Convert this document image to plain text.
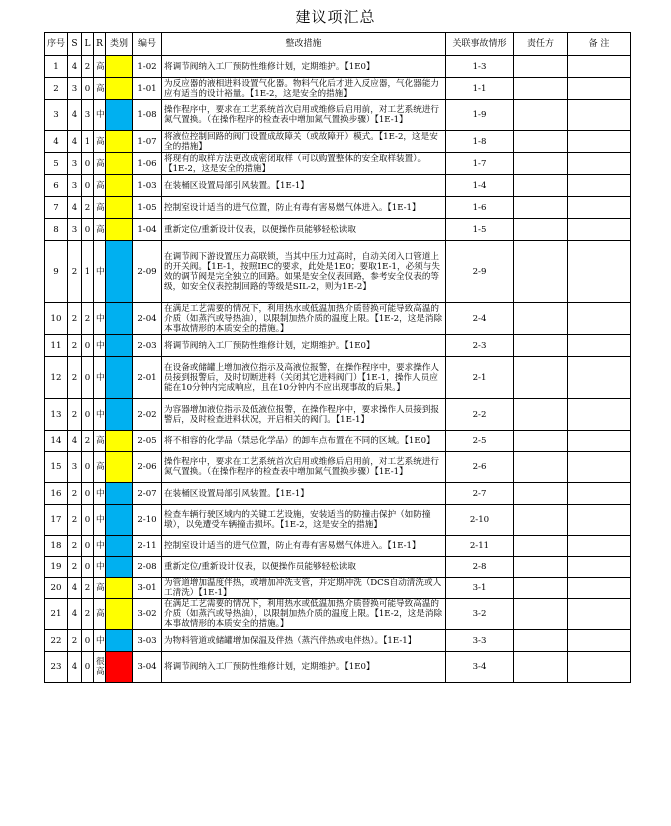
建议项汇总
序号	S	L	R	类别	编号	整改措施	关联事故情形	责任方	备 注
1	4	2	高		1-02	将调节阀纳入工厂预防性维修计划，定期维护。【1E0】	1-3		
2	3	0	高		1-01	为反应器的液相进料设置气化器。物料气化后才进入反应器，气化器能力应有适当的设计裕量。【1E-2，这是安全的措施】	1-1		
3	4	3	中		1-08	操作程序中，要求在工艺系统首次启用或维修后启用前，对工艺系统进行氮气置换。（在操作程序的检查表中增加氮气置换步骤）【1E-1】	1-9		
4	4	1	高		1-07	将液位控制回路的阀门设置成故障关（或故障开）模式。【1E-2，这是安全的措施】	1-8		
5	3	0	高		1-06	将现有的取样方法更改成密闭取样（可以购置整体的安全取样装置）。【1E-2，这是安全的措施】	1-7		
6	3	0	高		1-03	在装桶区设置局部引风装置。【1E-1】	1-4		
7	4	2	高		1-05	控制室设计适当的进气位置，防止有毒有害易燃气体进入。【1E-1】	1-6		
8	3	0	高		1-04	重新定位/重新设计仪表，以便操作员能够轻松读取	1-5		
9	2	1	中		2-09	在调节阀下游设置压力高联锁，当其中压力过高时，自动关闭入口管道上的开关阀。【1E-1，按照IEC的要求，此处是1E0；要取1E-1，必须与失效的调节阀是完全独立的回路。如果是安全仪表回路，参考安全仪表的等级，如安全仪表控制回路的等级是SIL-2，则为1E-2】	2-9		
10	2	2	中		2-04	在满足工艺需要的情况下，利用热水或低温加热介质替换可能导致高温的介质（如蒸汽或导热油），以限制加热介质的温度上限。【1E-2，这是消除本事故情形的本质安全的措施。】	2-4		
11	2	0	中		2-03	将调节阀纳入工厂预防性维修计划，定期维护。【1E0】	2-3		
12	2	0	中		2-01	在设备或储罐上增加液位指示及高液位报警，在操作程序中，要求操作人员接到报警后，及时切断进料（关闭其它进料阀门）【1E-1，操作人员应能在10分钟内完成响应，且在10分钟内不应出现事故的后果。】	2-1		
13	2	0	中		2-02	为容器增加液位指示及低液位报警，在操作程序中，要求操作人员接到报警后，及时检查进料状况，开启相关的阀门。【1E-1】	2-2		
14	4	2	高		2-05	将不相容的化学品（禁忌化学品）的卸车点布置在不同的区域。【1E0】	2-5		
15	3	0	高		2-06	操作程序中，要求在工艺系统首次启用或维修后启用前，对工艺系统进行氮气置换。（在操作程序的检查表中增加氮气置换步骤）【1E-1】	2-6		
16	2	0	中		2-07	在装桶区设置局部引风装置。【1E-1】	2-7		
17	2	0	中		2-10	检查车辆行驶区域内的关键工艺设施，安装适当的防撞击保护（如防撞墩），以免遭受车辆撞击损坏。【1E-2，这是安全的措施】	2-10		
18	2	0	中		2-11	控制室设计适当的进气位置，防止有毒有害易燃气体进入。【1E-1】	2-11		
19	2	0	中		2-08	重新定位/重新设计仪表，以便操作员能够轻松读取	2-8		
20	4	2	高		3-01	为管道增加温度伴热，或增加冲洗支管，并定期冲洗（DCS自动清洗或人工清洗）【1E-1】	3-1		
21	4	2	高		3-02	在满足工艺需要的情况下，利用热水或低温加热介质替换可能导致高温的介质（如蒸汽或导热油），以限制加热介质的温度上限。【1E-2，这是消除本事故情形的本质安全的措施。】	3-2		
22	2	0	中		3-03	为物料管道或储罐增加保温及伴热（蒸汽伴热或电伴热）。【1E-1】	3-3		
23	4	0	很高		3-04	将调节阀纳入工厂预防性维修计划，定期维护。【1E0】	3-4		
